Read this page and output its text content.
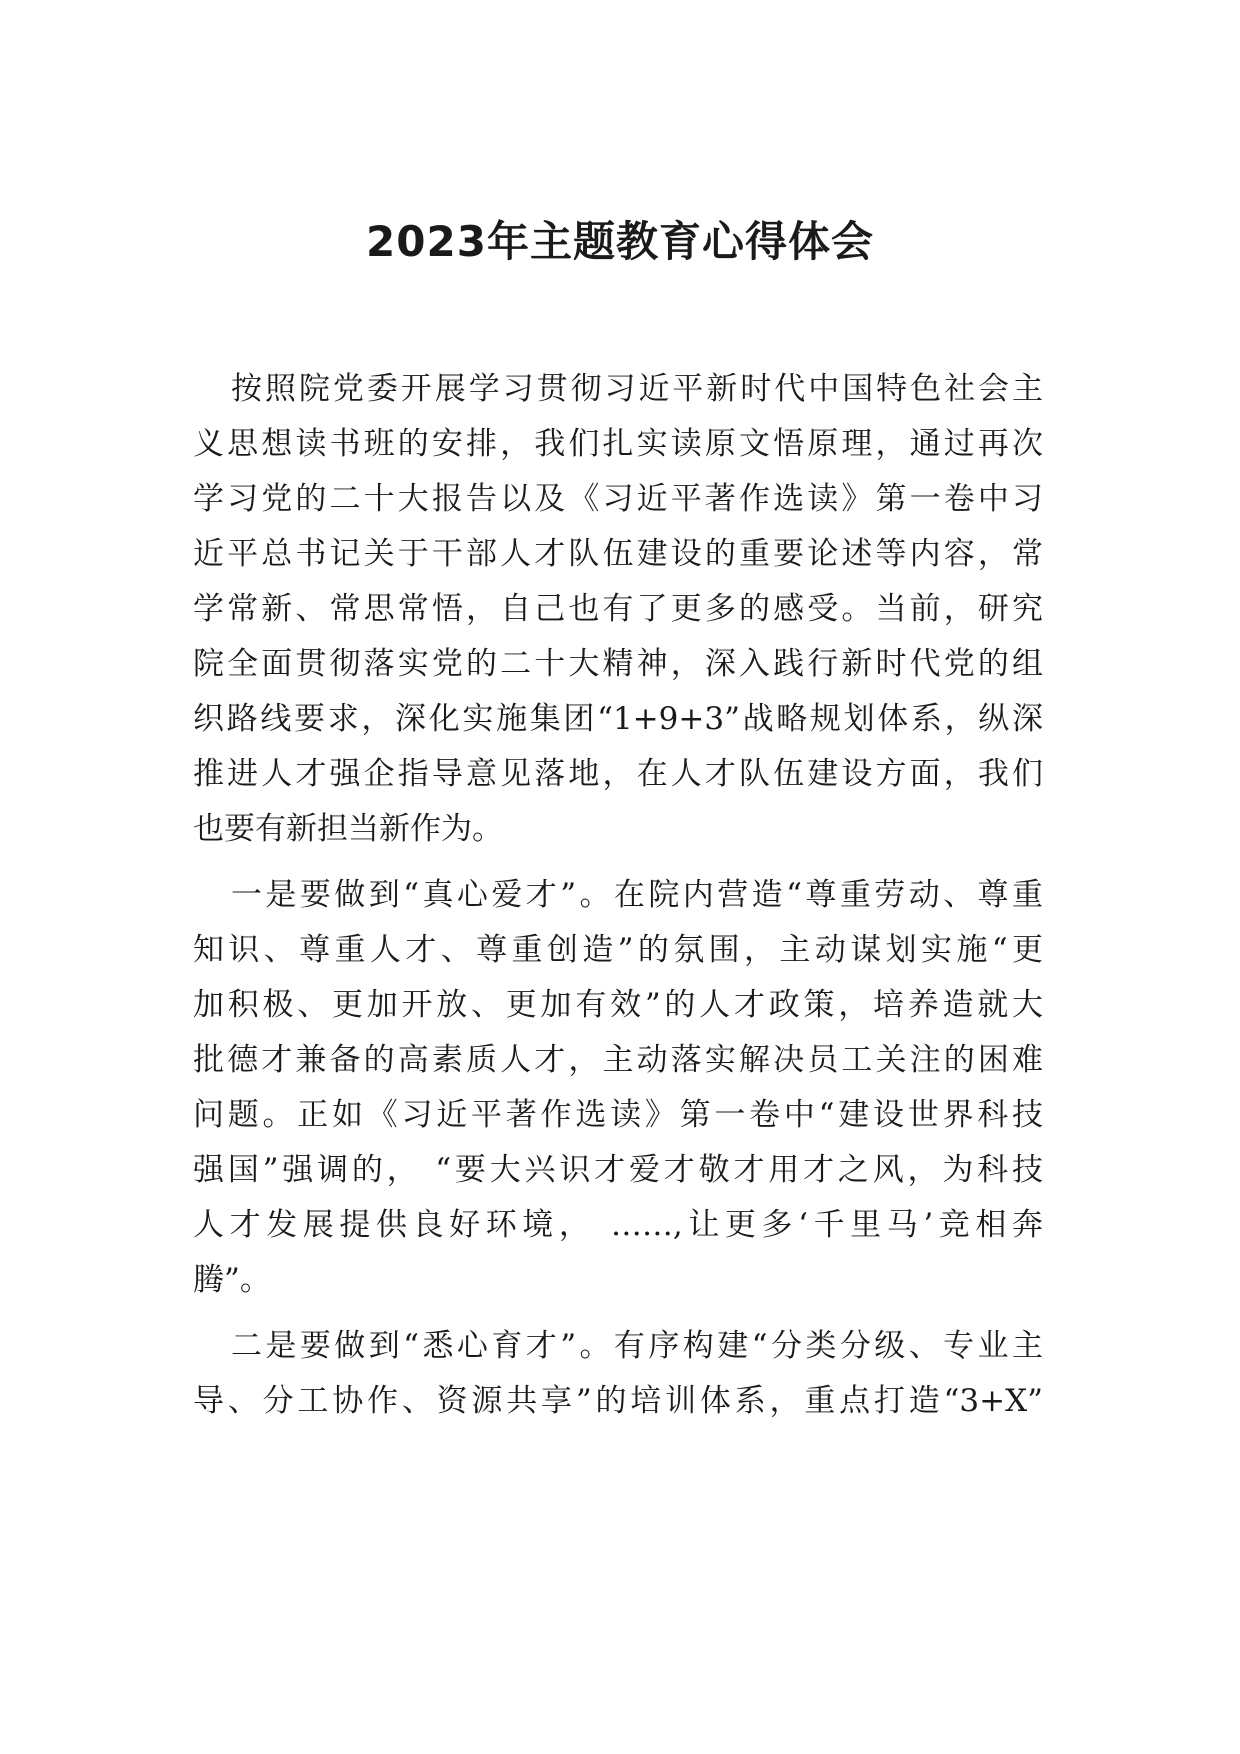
2023年主题教育心得体会
按照院党委开展学习贯彻习近平新时代中国特色社会主
义思想读书班的安排，我们扎实读原文悟原理，通过再次
学习党的二十大报告以及《习近平著作选读》第一卷中习
近平总书记关于干部人才队伍建设的重要论述等内容，常
学常新、常思常悟，自己也有了更多的感受。当前，研究
院全面贯彻落实党的二十大精神，深入践行新时代党的组
织路线要求，深化实施集团“1+9+3”战略规划体系，纵深
推进人才强企指导意见落地，在人才队伍建设方面，我们
也要有新担当新作为。
一是要做到“真心爱才”。在院内营造“尊重劳动、尊重
知识、尊重人才、尊重创造”的氛围，主动谋划实施“更
加积极、更加开放、更加有效”的人才政策，培养造就大
批德才兼备的高素质人才，主动落实解决员工关注的困难
问题。正如《习近平著作选读》第一卷中“建设世界科技
强国”强调的， “要大兴识才爱才敬才用才之风，为科技
人才发展提供良好环境， ……,让更多‘千里马’竞相奔
腾”。
二是要做到“悉心育才”。有序构建“分类分级、专业主
导、分工协作、资源共享”的培训体系，重点打造“3+X”
